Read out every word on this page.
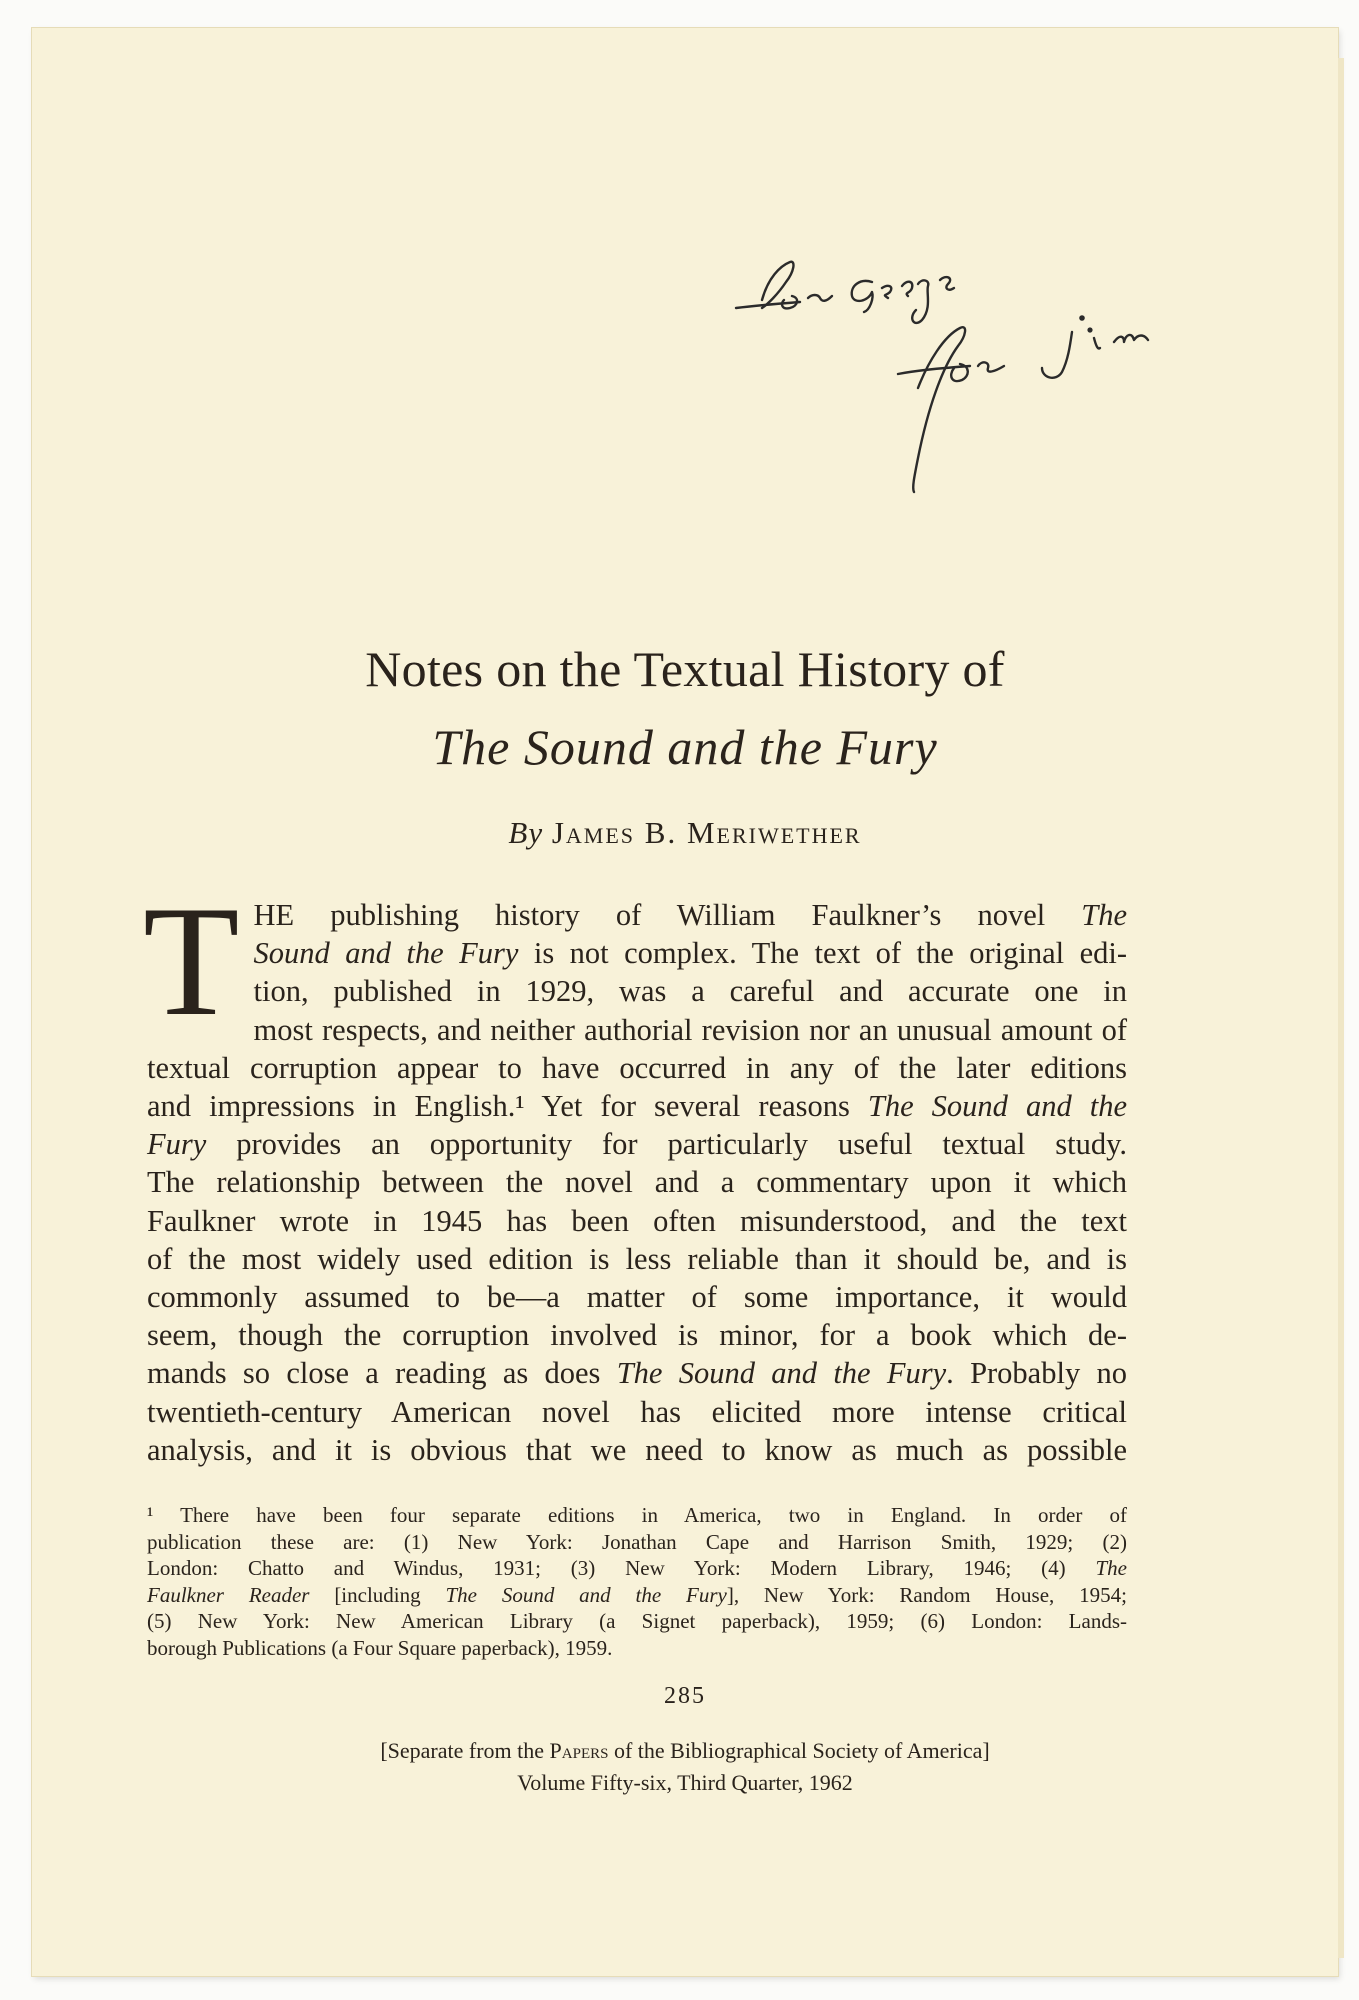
Notes on the Textual History of
The Sound and the Fury
By James B. Meriwether
T HE publishing history of William Faulkner’s novel The
Sound and the Fury is not complex. The text of the original edi-
tion, published in 1929, was a careful and accurate one in
most respects, and neither authorial revision nor an unusual amount of
textual corruption appear to have occurred in any of the later editions
and impressions in English.¹ Yet for several reasons The Sound and the
Fury provides an opportunity for particularly useful textual study.
The relationship between the novel and a commentary upon it which
Faulkner wrote in 1945 has been often misunderstood, and the text
of the most widely used edition is less reliable than it should be, and is
commonly assumed to be—a matter of some importance, it would
seem, though the corruption involved is minor, for a book which de-
mands so close a reading as does The Sound and the Fury. Probably no
twentieth-century American novel has elicited more intense critical
analysis, and it is obvious that we need to know as much as possible
¹ There have been four separate editions in America, two in England. In order of
publication these are: (1) New York: Jonathan Cape and Harrison Smith, 1929; (2)
London: Chatto and Windus, 1931; (3) New York: Modern Library, 1946; (4) The
Faulkner Reader [including The Sound and the Fury], New York: Random House, 1954;
(5) New York: New American Library (a Signet paperback), 1959; (6) London: Lands-
borough Publications (a Four Square paperback), 1959.
285
[Separate from the Papers of the Bibliographical Society of America]
Volume Fifty-six, Third Quarter, 1962
